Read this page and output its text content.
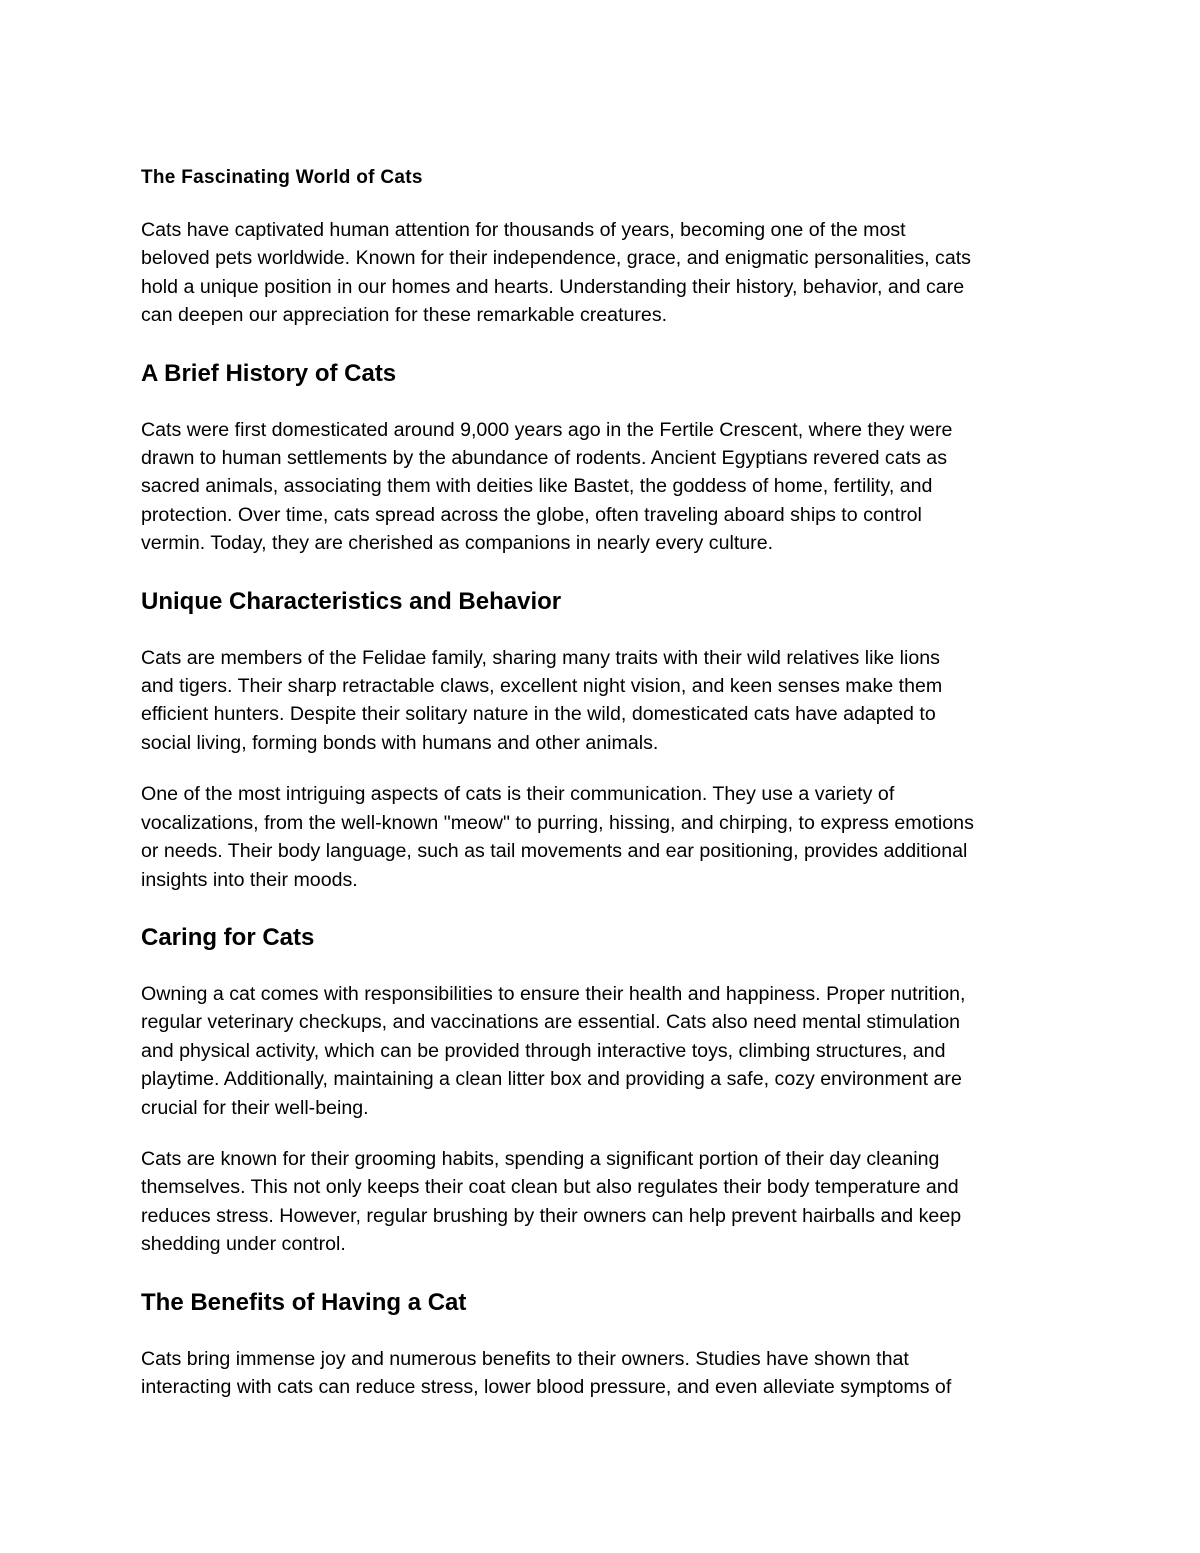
The Fascinating World of Cats
Cats have captivated human attention for thousands of years, becoming one of the most
beloved pets worldwide. Known for their independence, grace, and enigmatic personalities, cats
hold a unique position in our homes and hearts. Understanding their history, behavior, and care
can deepen our appreciation for these remarkable creatures.
A Brief History of Cats
Cats were first domesticated around 9,000 years ago in the Fertile Crescent, where they were
drawn to human settlements by the abundance of rodents. Ancient Egyptians revered cats as
sacred animals, associating them with deities like Bastet, the goddess of home, fertility, and
protection. Over time, cats spread across the globe, often traveling aboard ships to control
vermin. Today, they are cherished as companions in nearly every culture.
Unique Characteristics and Behavior
Cats are members of the Felidae family, sharing many traits with their wild relatives like lions
and tigers. Their sharp retractable claws, excellent night vision, and keen senses make them
efficient hunters. Despite their solitary nature in the wild, domesticated cats have adapted to
social living, forming bonds with humans and other animals.
One of the most intriguing aspects of cats is their communication. They use a variety of
vocalizations, from the well-known "meow" to purring, hissing, and chirping, to express emotions
or needs. Their body language, such as tail movements and ear positioning, provides additional
insights into their moods.
Caring for Cats
Owning a cat comes with responsibilities to ensure their health and happiness. Proper nutrition,
regular veterinary checkups, and vaccinations are essential. Cats also need mental stimulation
and physical activity, which can be provided through interactive toys, climbing structures, and
playtime. Additionally, maintaining a clean litter box and providing a safe, cozy environment are
crucial for their well-being.
Cats are known for their grooming habits, spending a significant portion of their day cleaning
themselves. This not only keeps their coat clean but also regulates their body temperature and
reduces stress. However, regular brushing by their owners can help prevent hairballs and keep
shedding under control.
The Benefits of Having a Cat
Cats bring immense joy and numerous benefits to their owners. Studies have shown that
interacting with cats can reduce stress, lower blood pressure, and even alleviate symptoms of
